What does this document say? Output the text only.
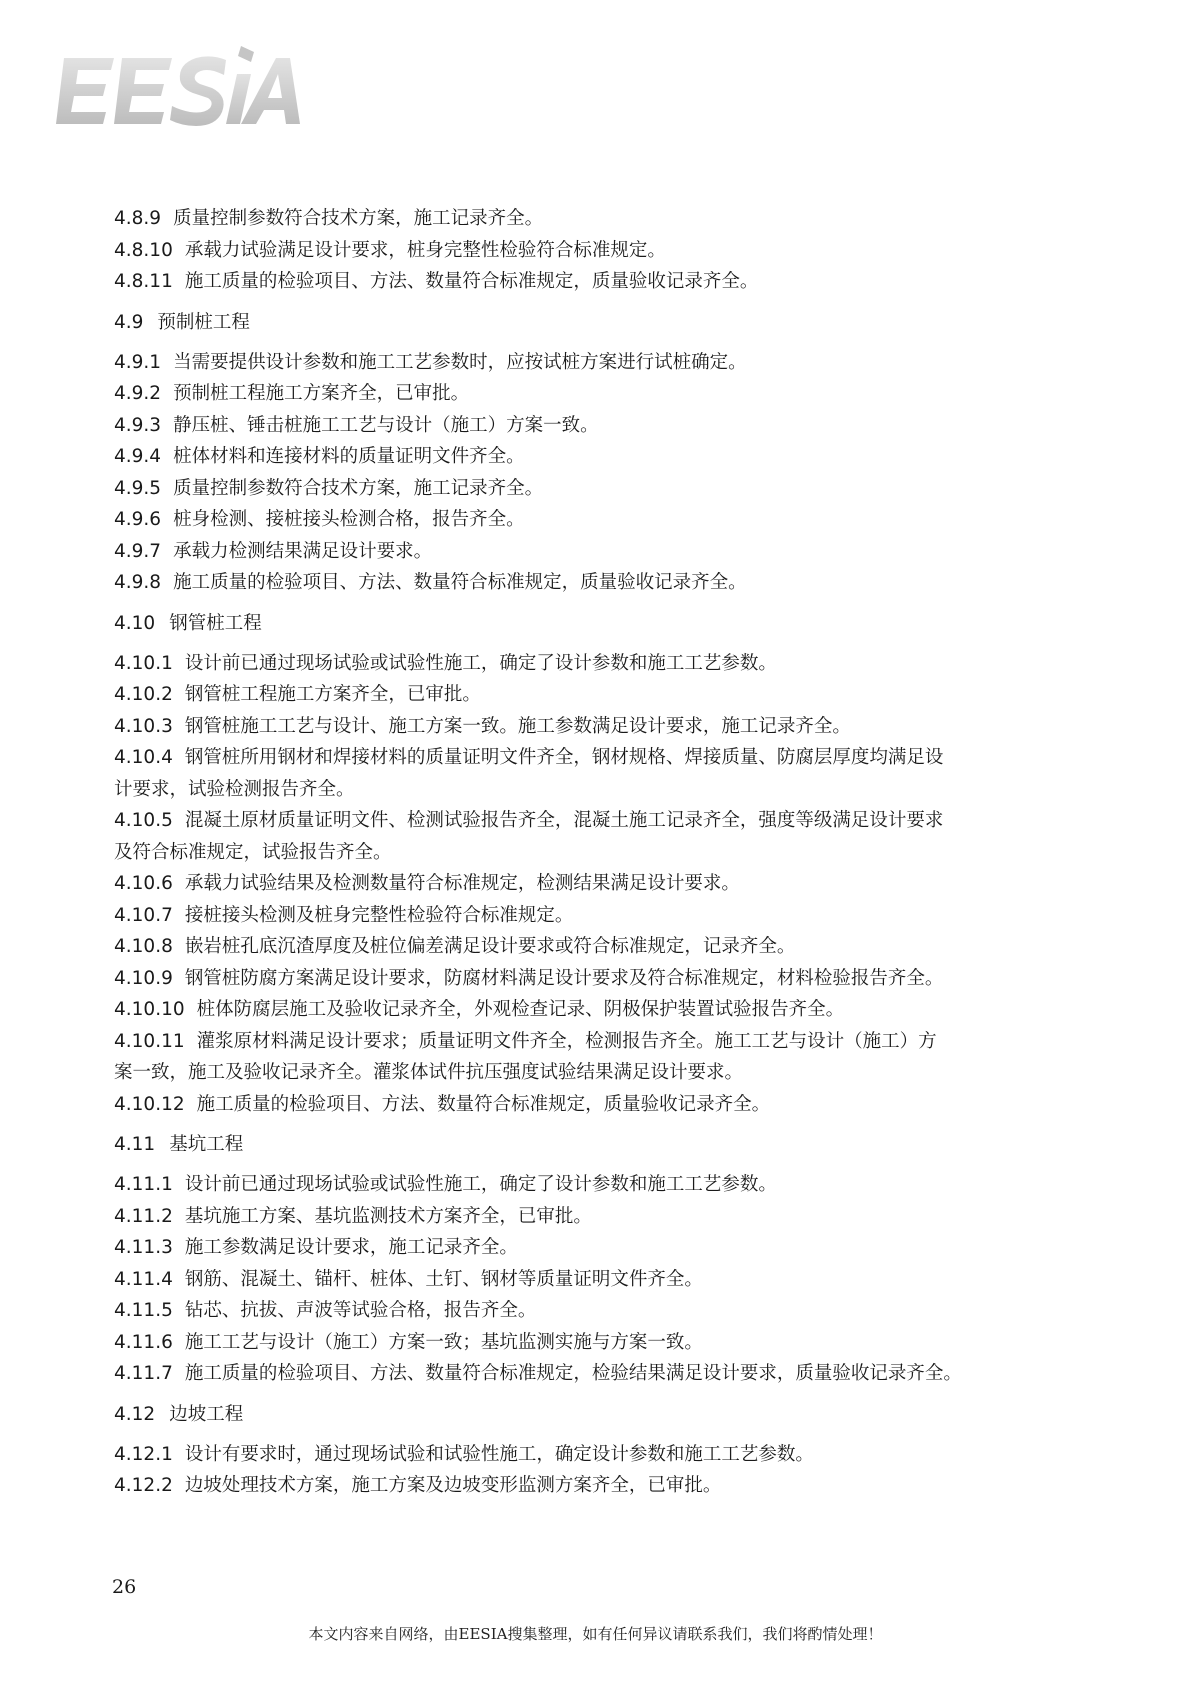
EESiA
4.8.9 质量控制参数符合技术方案，施工记录齐全。
4.8.10 承载力试验满足设计要求，桩身完整性检验符合标准规定。
4.8.11 施工质量的检验项目、方法、数量符合标准规定，质量验收记录齐全。
4.9 预制桩工程
4.9.1 当需要提供设计参数和施工工艺参数时，应按试桩方案进行试桩确定。
4.9.2 预制桩工程施工方案齐全，已审批。
4.9.3 静压桩、锤击桩施工工艺与设计（施工）方案一致。
4.9.4 桩体材料和连接材料的质量证明文件齐全。
4.9.5 质量控制参数符合技术方案，施工记录齐全。
4.9.6 桩身检测、接桩接头检测合格，报告齐全。
4.9.7 承载力检测结果满足设计要求。
4.9.8 施工质量的检验项目、方法、数量符合标准规定，质量验收记录齐全。
4.10 钢管桩工程
4.10.1 设计前已通过现场试验或试验性施工，确定了设计参数和施工工艺参数。
4.10.2 钢管桩工程施工方案齐全，已审批。
4.10.3 钢管桩施工工艺与设计、施工方案一致。施工参数满足设计要求，施工记录齐全。
4.10.4 钢管桩所用钢材和焊接材料的质量证明文件齐全，钢材规格、焊接质量、防腐层厚度均满足设
计要求，试验检测报告齐全。
4.10.5 混凝土原材质量证明文件、检测试验报告齐全，混凝土施工记录齐全，强度等级满足设计要求
及符合标准规定，试验报告齐全。
4.10.6 承载力试验结果及检测数量符合标准规定，检测结果满足设计要求。
4.10.7 接桩接头检测及桩身完整性检验符合标准规定。
4.10.8 嵌岩桩孔底沉渣厚度及桩位偏差满足设计要求或符合标准规定，记录齐全。
4.10.9 钢管桩防腐方案满足设计要求，防腐材料满足设计要求及符合标准规定，材料检验报告齐全。
4.10.10 桩体防腐层施工及验收记录齐全，外观检查记录、阴极保护装置试验报告齐全。
4.10.11 灌浆原材料满足设计要求；质量证明文件齐全，检测报告齐全。施工工艺与设计（施工）方
案一致，施工及验收记录齐全。灌浆体试件抗压强度试验结果满足设计要求。
4.10.12 施工质量的检验项目、方法、数量符合标准规定，质量验收记录齐全。
4.11 基坑工程
4.11.1 设计前已通过现场试验或试验性施工，确定了设计参数和施工工艺参数。
4.11.2 基坑施工方案、基坑监测技术方案齐全，已审批。
4.11.3 施工参数满足设计要求，施工记录齐全。
4.11.4 钢筋、混凝土、锚杆、桩体、土钉、钢材等质量证明文件齐全。
4.11.5 钻芯、抗拔、声波等试验合格，报告齐全。
4.11.6 施工工艺与设计（施工）方案一致；基坑监测实施与方案一致。
4.11.7 施工质量的检验项目、方法、数量符合标准规定，检验结果满足设计要求，质量验收记录齐全。
4.12 边坡工程
4.12.1 设计有要求时，通过现场试验和试验性施工，确定设计参数和施工工艺参数。
4.12.2 边坡处理技术方案，施工方案及边坡变形监测方案齐全，已审批。
26
本文内容来自网络，由EESIA搜集整理，如有任何异议请联系我们，我们将酌情处理！
